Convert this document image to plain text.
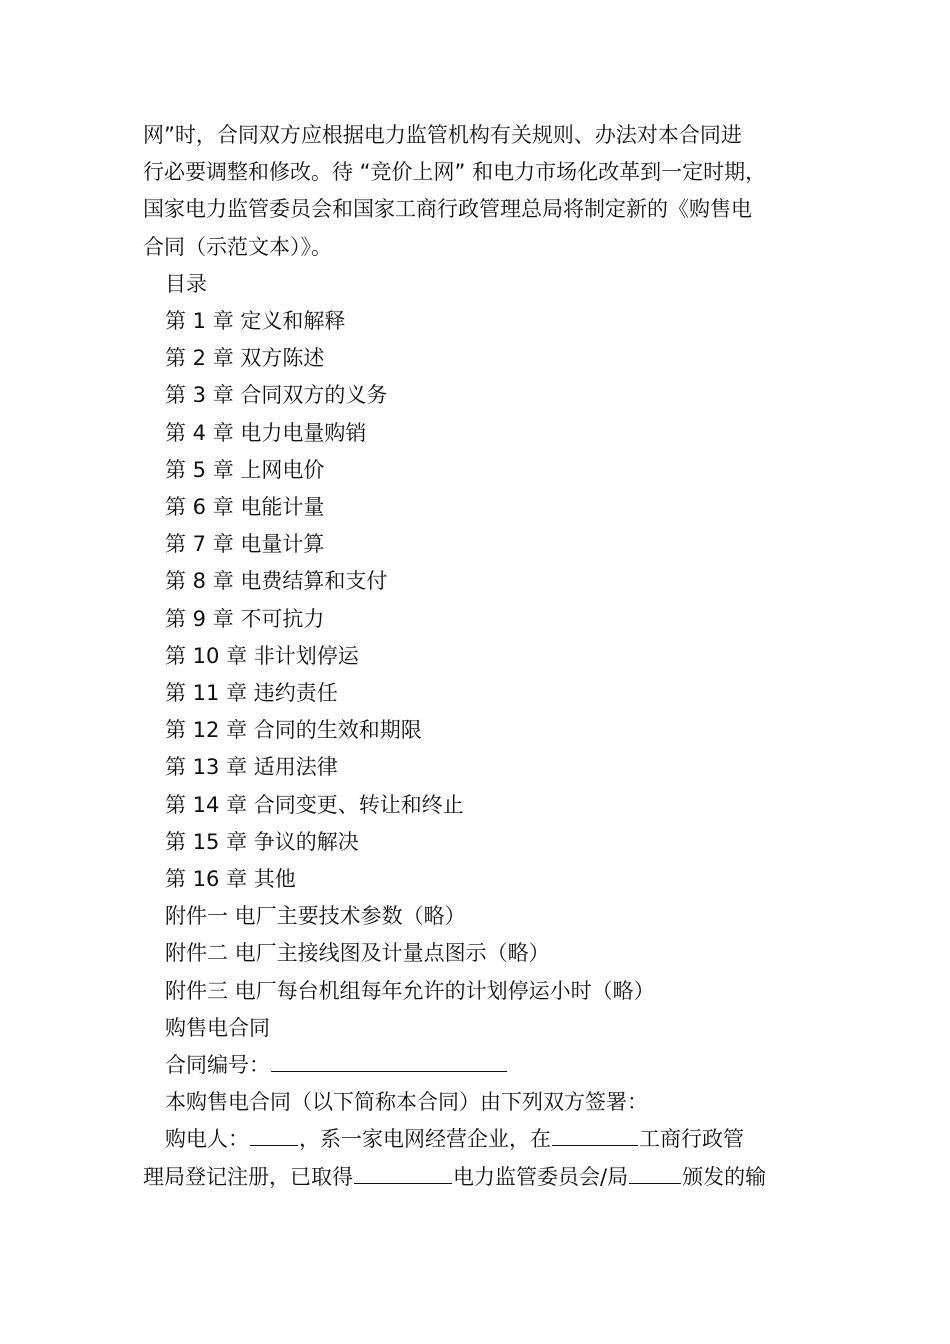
网”时，合同双方应根据电力监管机构有关规则、办法对本合同进

行必要调整和修改。待 “竞价上网” 和电力市场化改革到一定时期，

国家电力监管委员会和国家工商行政管理总局将制定新的《购售电

合同（示范文本）》。

目录

第 1 章 定义和解释

第 2 章 双方陈述

第 3 章 合同双方的义务

第 4 章 电力电量购销

第 5 章 上网电价

第 6 章 电能计量

第 7 章 电量计算

第 8 章 电费结算和支付

第 9 章 不可抗力

第 10 章 非计划停运

第 11 章 违约责任

第 12 章 合同的生效和期限

第 13 章 适用法律

第 14 章 合同变更、转让和终止

第 15 章 争议的解决

第 16 章 其他

附件一 电厂主要技术参数（略）

附件二 电厂主接线图及计量点图示（略）

附件三 电厂每台机组每年允许的计划停运小时（略）

购售电合同

合同编号：

本购售电合同（以下简称本合同）由下列双方签署：

购电人： ，系一家电网经营企业，在	工商行政管

理局登记注册，已取得	电力监管委员会/局	颁发的输
